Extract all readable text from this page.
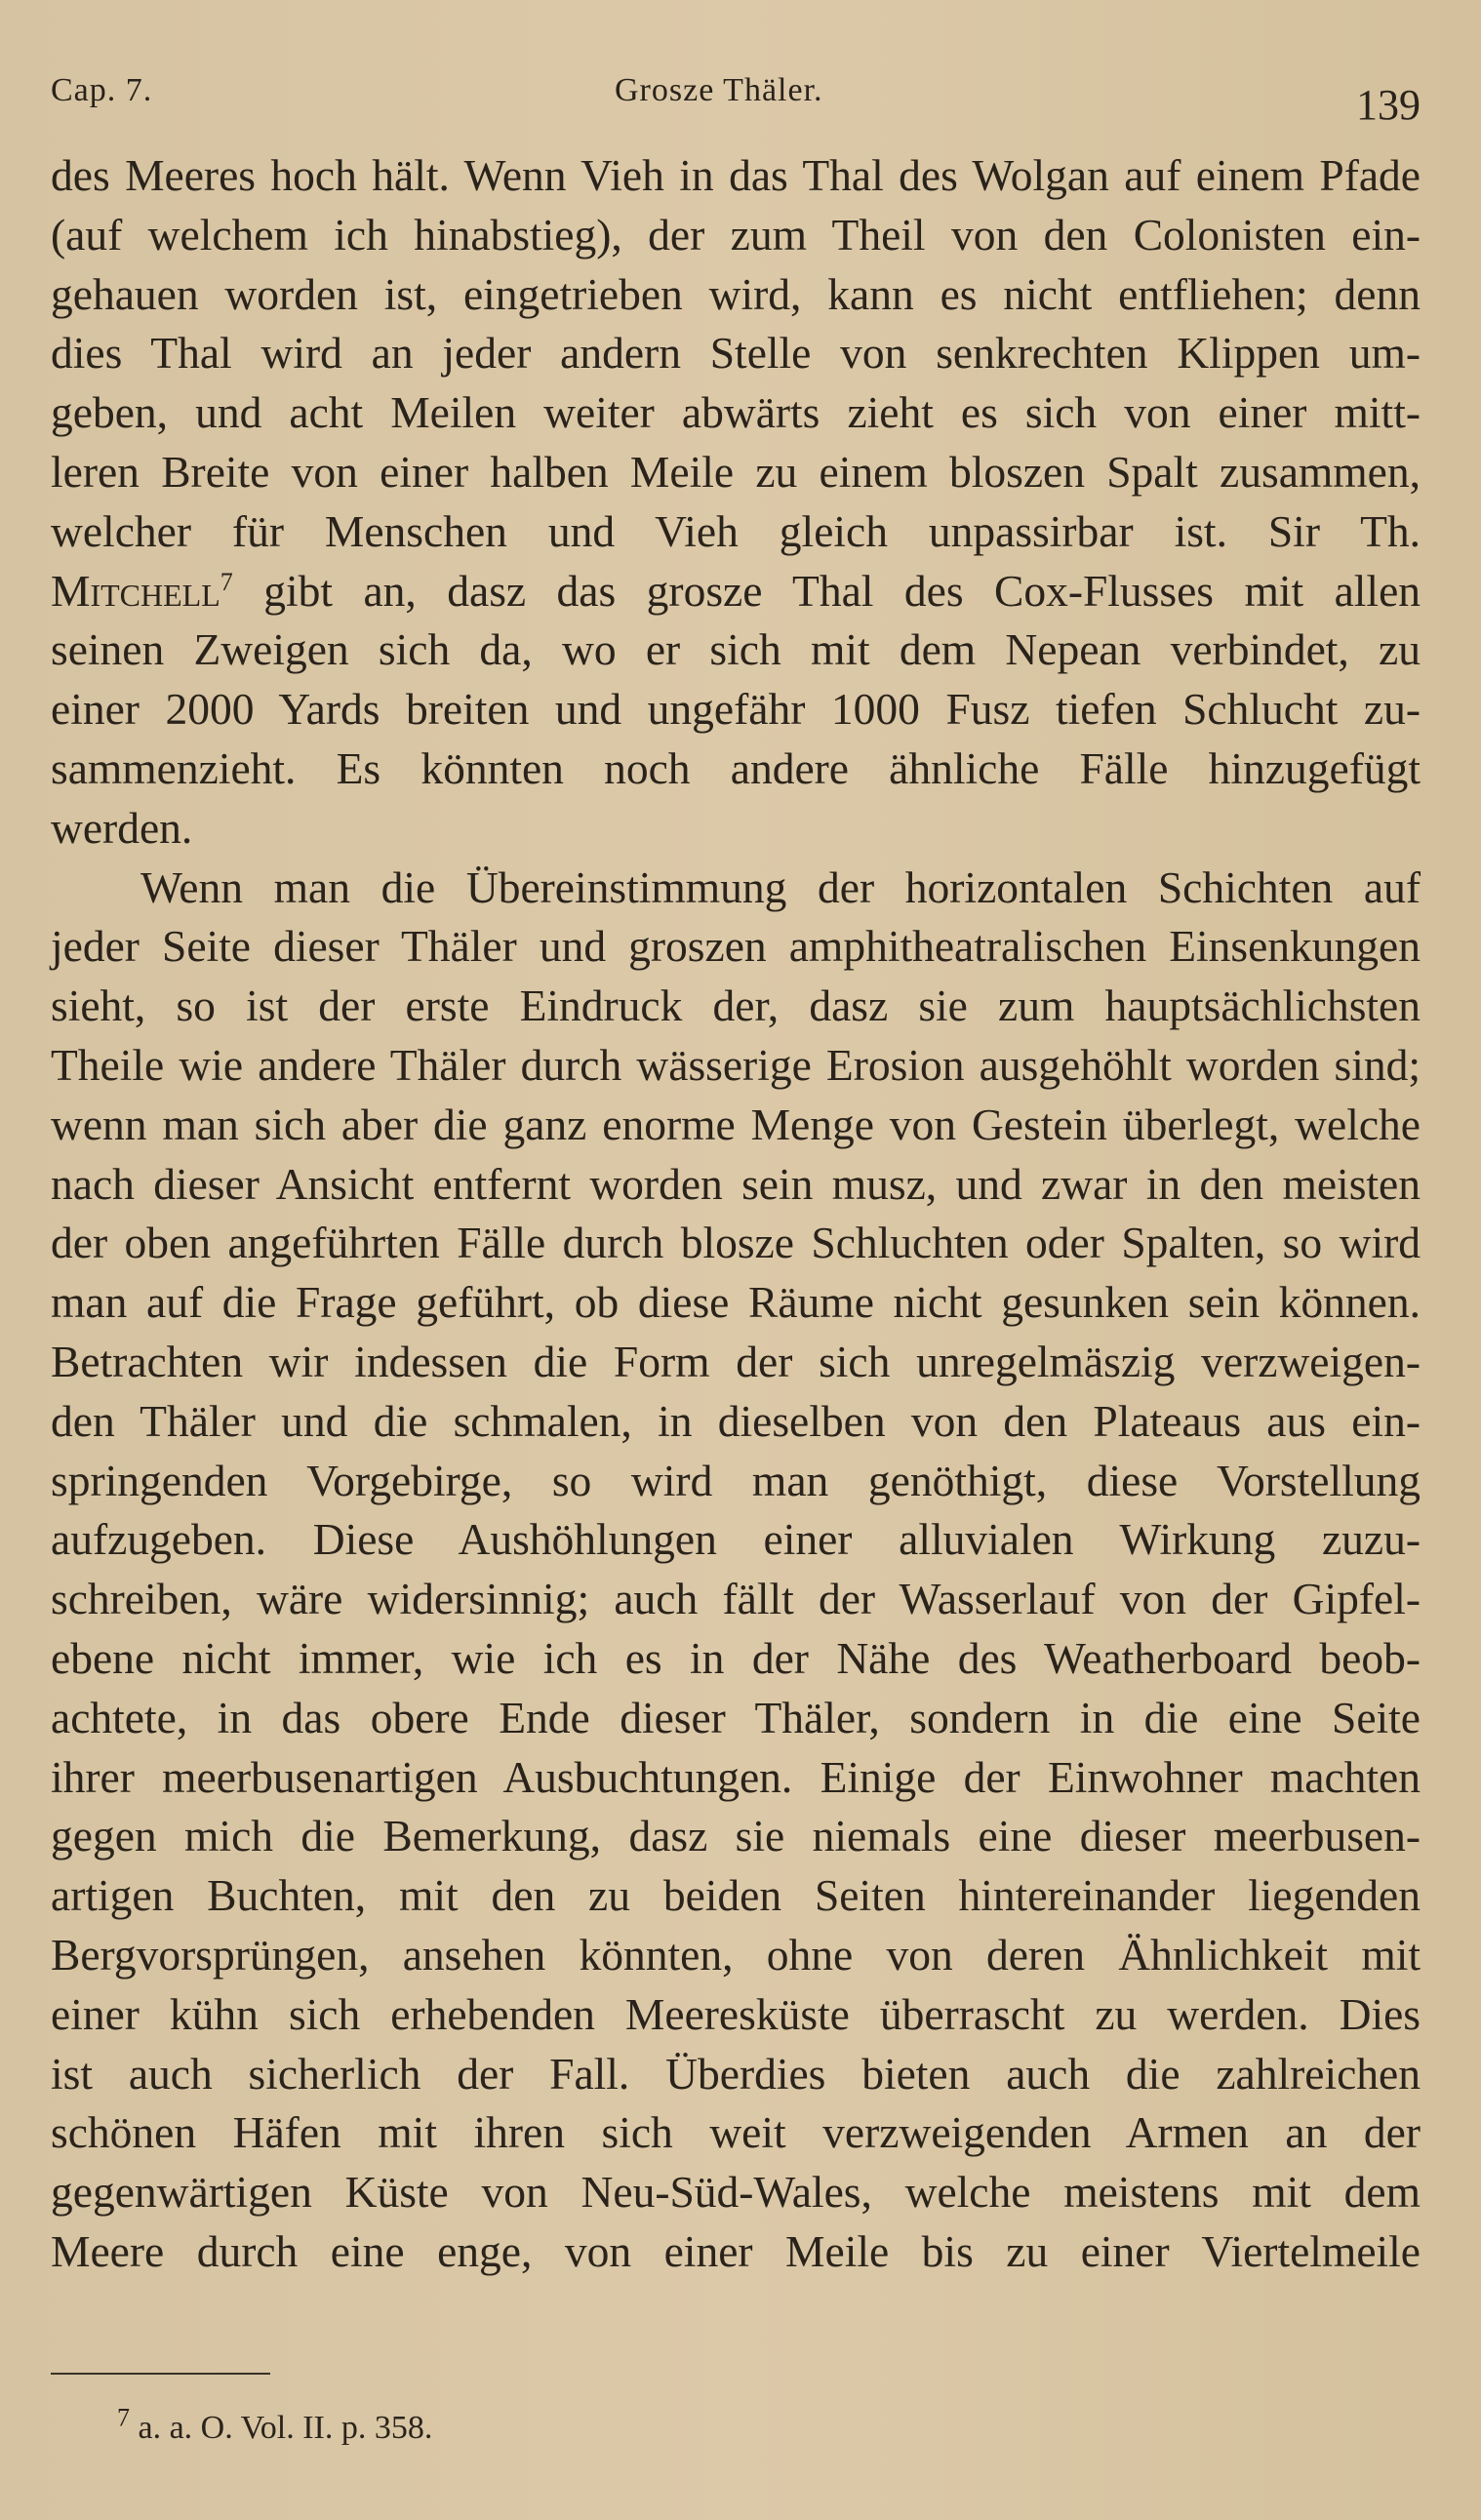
Cap. 7.	Grosze Thäler.	139
des Meeres hoch hält. Wenn Vieh in das Thal des Wolgan auf einem Pfade
(auf welchem ich hinabstieg), der zum Theil von den Colonisten ein-
gehauen worden ist, eingetrieben wird, kann es nicht entfliehen; denn
dies Thal wird an jeder andern Stelle von senkrechten Klippen um-
geben, und acht Meilen weiter abwärts zieht es sich von einer mitt-
leren Breite von einer halben Meile zu einem bloszen Spalt zusammen,
welcher für Menschen und Vieh gleich unpassirbar ist. Sir Th.
Mitchell$^7$ gibt an, dasz das grosze Thal des Cox-Flusses mit allen
seinen Zweigen sich da, wo er sich mit dem Nepean verbindet, zu
einer 2000 Yards breiten und ungefähr 1000 Fusz tiefen Schlucht zu-
sammenzieht. Es könnten noch andere ähnliche Fälle hinzugefügt
werden.
Wenn man die Übereinstimmung der horizontalen Schichten auf
jeder Seite dieser Thäler und groszen amphitheatralischen Einsenkungen
sieht, so ist der erste Eindruck der, dasz sie zum hauptsächlichsten
Theile wie andere Thäler durch wässerige Erosion ausgehöhlt worden sind;
wenn man sich aber die ganz enorme Menge von Gestein überlegt, welche
nach dieser Ansicht entfernt worden sein musz, und zwar in den meisten
der oben angeführten Fälle durch blosze Schluchten oder Spalten, so wird
man auf die Frage geführt, ob diese Räume nicht gesunken sein können.
Betrachten wir indessen die Form der sich unregelmäszig verzweigen-
den Thäler und die schmalen, in dieselben von den Plateaus aus ein-
springenden Vorgebirge, so wird man genöthigt, diese Vorstellung
aufzugeben. Diese Aushöhlungen einer alluvialen Wirkung zuzu-
schreiben, wäre widersinnig; auch fällt der Wasserlauf von der Gipfel-
ebene nicht immer, wie ich es in der Nähe des Weatherboard beob-
achtete, in das obere Ende dieser Thäler, sondern in die eine Seite
ihrer meerbusenartigen Ausbuchtungen. Einige der Einwohner machten
gegen mich die Bemerkung, dasz sie niemals eine dieser meerbusen-
artigen Buchten, mit den zu beiden Seiten hintereinander liegenden
Bergvorsprüngen, ansehen könnten, ohne von deren Ähnlichkeit mit
einer kühn sich erhebenden Meeresküste überrascht zu werden. Dies
ist auch sicherlich der Fall. Überdies bieten auch die zahlreichen
schönen Häfen mit ihren sich weit verzweigenden Armen an der
gegenwärtigen Küste von Neu-Süd-Wales, welche meistens mit dem
Meere durch eine enge, von einer Meile bis zu einer Viertelmeile
$^7$ a. a. O. Vol. II. p. 358.
